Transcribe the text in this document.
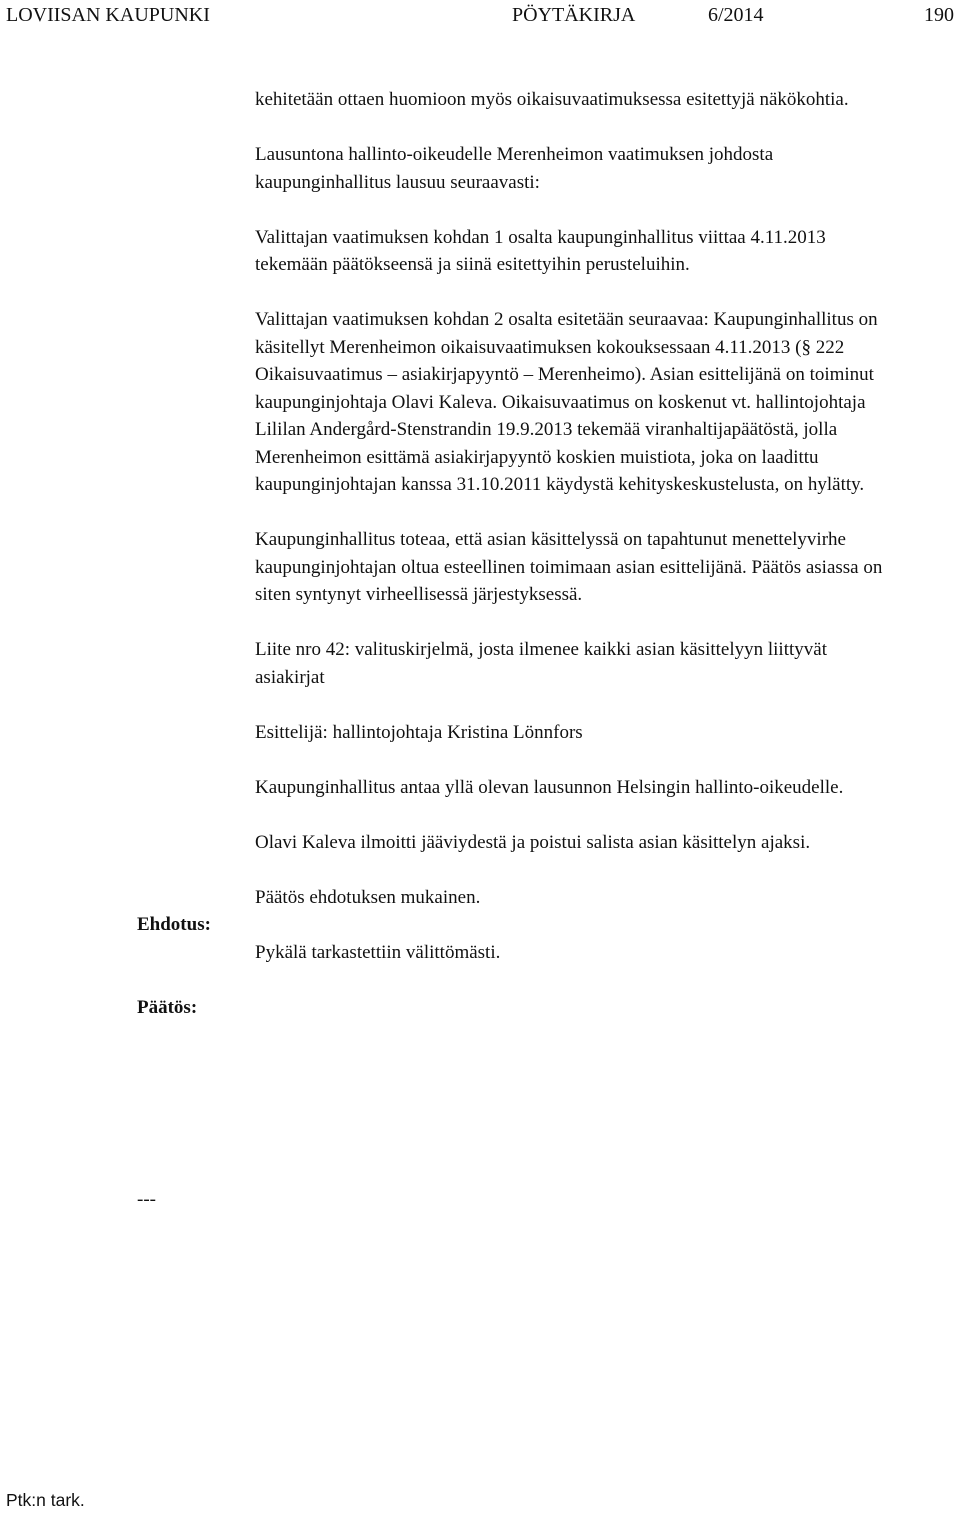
LOVIISAN KAUPUNKI	PÖYTÄKIRJA	6/2014	190

kehitetään ottaen huomioon myös oikaisuvaatimuksessa esitettyjä näkökohtia.

Lausuntona hallinto-oikeudelle Merenheimon vaatimuksen johdosta kaupunginhallitus lausuu seuraavasti:

Valittajan vaatimuksen kohdan 1 osalta kaupunginhallitus viittaa 4.11.2013 tekemään päätökseensä ja siinä esitettyihin perusteluihin.

Valittajan vaatimuksen kohdan 2 osalta esitetään seuraavaa: Kaupunginhallitus on käsitellyt Merenheimon oikaisuvaatimuksen kokouksessaan 4.11.2013 (§ 222 Oikaisuvaatimus – asiakirjapyyntö – Merenheimo). Asian esittelijänä on toiminut kaupunginjohtaja Olavi Kaleva. Oikaisuvaatimus on koskenut vt. hallintojohtaja Lililan Andergård-Stenstrandin 19.9.2013 tekemää viranhaltijapäätöstä, jolla Merenheimon esittämä asiakirjapyyntö koskien muistiota, joka on laadittu kaupunginjohtajan kanssa 31.10.2011 käydystä kehityskeskustelusta, on hylätty.

Kaupunginhallitus toteaa, että asian käsittelyssä on tapahtunut menettelyvirhe kaupunginjohtajan oltua esteellinen toimimaan asian esittelijänä. Päätös asiassa on siten syntynyt virheellisessä järjestyksessä.

Liite nro 42: valituskirjelmä, josta ilmenee kaikki asian käsittelyyn liittyvät asiakirjat

Esittelijä: hallintojohtaja Kristina Lönnfors

Kaupunginhallitus antaa yllä olevan lausunnon Helsingin hallinto-oikeudelle.

Olavi Kaleva ilmoitti jääviydestä ja poistui salista asian käsittelyn ajaksi.

Päätös ehdotuksen mukainen.

Pykälä tarkastettiin välittömästi.

Ehdotus:
Päätös:
---
Ptk:n tark.
